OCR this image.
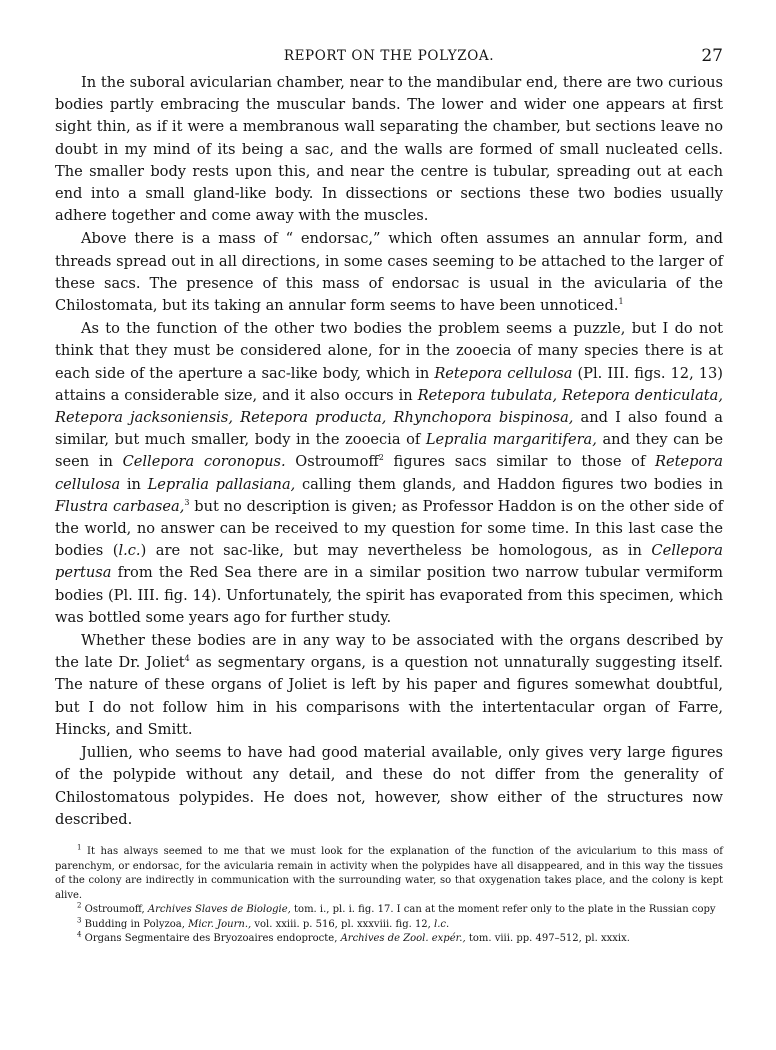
REPORT ON THE POLYZOA.	27

In the suboral avicularian chamber, near to the mandibular end, there are two curious bodies partly embracing the muscular bands. The lower and wider one appears at first sight thin, as if it were a membranous wall separating the chamber, but sections leave no doubt in my mind of its being a sac, and the walls are formed of small nucleated cells. The smaller body rests upon this, and near the centre is tubular, spreading out at each end into a small gland-like body. In dissections or sections these two bodies usually adhere together and come away with the muscles.

Above there is a mass of “ endorsac,” which often assumes an annular form, and threads spread out in all directions, in some cases seeming to be attached to the larger of these sacs. The presence of this mass of endorsac is usual in the avicularia of the Chilostomata, but its taking an annular form seems to have been unnoticed.$^1$

As to the function of the other two bodies the problem seems a puzzle, but I do not think that they must be considered alone, for in the zooecia of many species there is at each side of the aperture a sac-like body, which in Retepora cellulosa (Pl. III. figs. 12, 13) attains a considerable size, and it also occurs in Retepora tubulata, Retepora denticulata, Retepora jacksoniensis, Retepora producta, Rhynchopora bispinosa, and I also found a similar, but much smaller, body in the zooecia of Lepralia margaritifera, and they can be seen in Cellepora coronopus. Ostroumoff$^2$ figures sacs similar to those of Retepora cellulosa in Lepralia pallasiana, calling them glands, and Haddon figures two bodies in Flustra carbasea,$^3$ but no description is given; as Professor Haddon is on the other side of the world, no answer can be received to my question for some time. In this last case the bodies (l.c.) are not sac-like, but may nevertheless be homologous, as in Cellepora pertusa from the Red Sea there are in a similar position two narrow tubular vermiform bodies (Pl. III. fig. 14). Unfortunately, the spirit has evaporated from this specimen, which was bottled some years ago for further study.

Whether these bodies are in any way to be associated with the organs described by the late Dr. Joliet$^4$ as segmentary organs, is a question not unnaturally suggesting itself. The nature of these organs of Joliet is left by his paper and figures somewhat doubtful, but I do not follow him in his comparisons with the intertentacular organ of Farre, Hincks, and Smitt.

Jullien, who seems to have had good material available, only gives very large figures of the polypide without any detail, and these do not differ from the generality of Chilostomatous polypides. He does not, however, show either of the structures now described.

$^1$ It has always seemed to me that we must look for the explanation of the function of the avicularium to this mass of parenchym, or endorsac, for the avicularia remain in activity when the polypides have all disappeared, and in this way the tissues of the colony are indirectly in communication with the surrounding water, so that oxygenation takes place, and the colony is kept alive.

$^2$ Ostroumoff, Archives Slaves de Biologie, tom. i., pl. i. fig. 17. I can at the moment refer only to the plate in the Russian copy

$^3$ Budding in Polyzoa, Micr. Journ., vol. xxiii. p. 516, pl. xxxviii. fig. 12, l.c.

$^4$ Organs Segmentaire des Bryozoaires endoprocte, Archives de Zool. expér., tom. viii. pp. 497–512, pl. xxxix.
